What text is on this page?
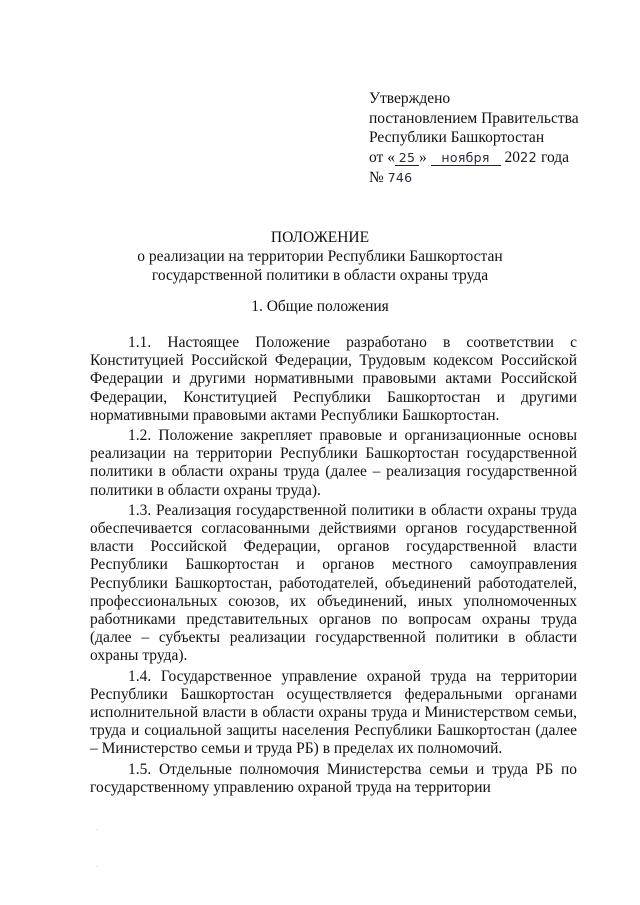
Утверждено
постановлением Правительства
Республики Башкортостан
от « 25 » ноября 2022 года
№ 746
ПОЛОЖЕНИЕ
о реализации на территории Республики Башкортостан
государственной политики в области охраны труда
1. Общие положения

1.1. Настоящее Положение разработано в соответствии с Конституцией Российской Федерации, Трудовым кодексом Российской Федерации и другими нормативными правовыми актами Российской Федерации, Конституцией Республики Башкортостан и другими нормативными правовыми актами Республики Башкортостан.

1.2. Положение закрепляет правовые и организационные основы реализации на территории Республики Башкортостан государственной политики в области охраны труда (далее – реализация государственной политики в области охраны труда).

1.3. Реализация государственной политики в области охраны труда обеспечивается согласованными действиями органов государственной власти Российской Федерации, органов государственной власти Республики Башкортостан и органов местного самоуправления Республики Башкортостан, работодателей, объединений работодателей, профессиональных союзов, их объединений, иных уполномоченных работниками представительных органов по вопросам охраны труда (далее – субъекты реализации государственной политики в области охраны труда).

1.4. Государственное управление охраной труда на территории Республики Башкортостан осуществляется федеральными органами исполнительной власти в области охраны труда и Министерством семьи, труда и социальной защиты населения Республики Башкортостан (далее – Министерство семьи и труда РБ) в пределах их полномочий.

1.5. Отдельные полномочия Министерства семьи и труда РБ по государственному управлению охраной труда на территории

·
·
·
